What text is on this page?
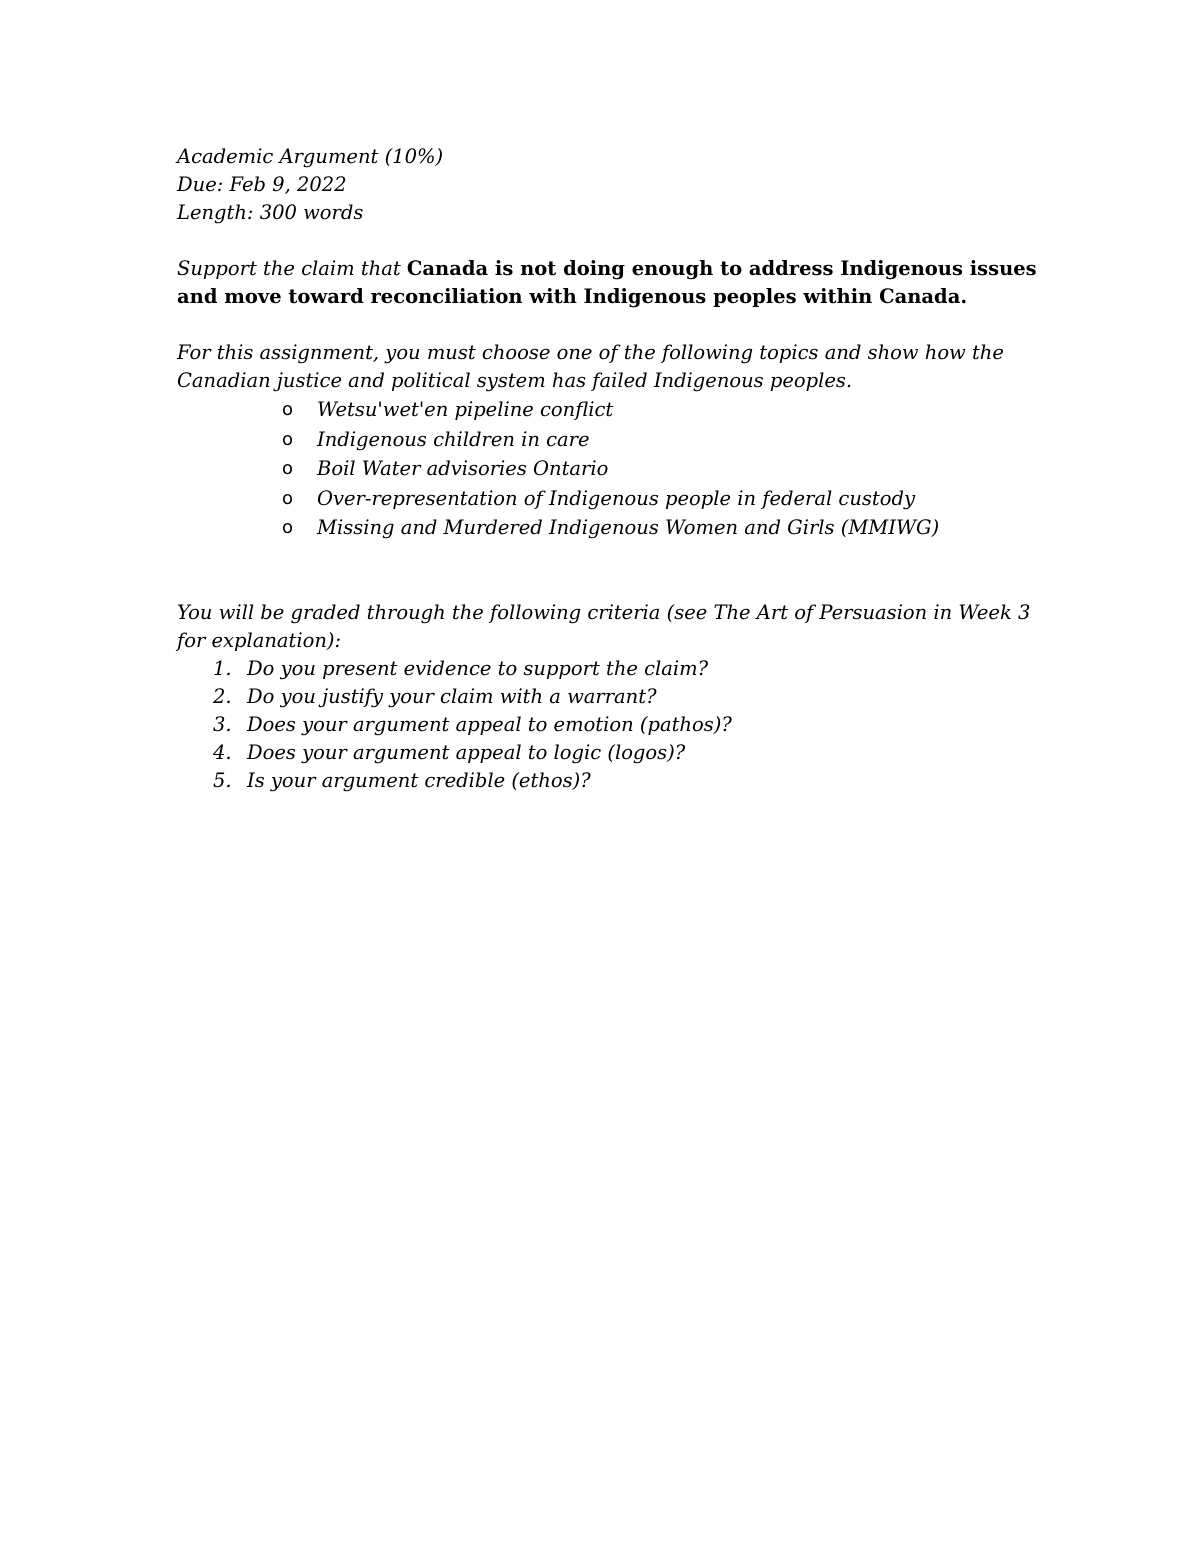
Academic Argument (10%)

Due: Feb 9, 2022

Length: 300 words

Support the claim that Canada is not doing enough to address Indigenous issues

and move toward reconciliation with Indigenous peoples within Canada.

For this assignment, you must choose one of the following topics and show how the

Canadian justice and political system has failed Indigenous peoples.

o Wetsu'wet'en pipeline conflict
o Indigenous children in care
o Boil Water advisories Ontario
o Over-representation of Indigenous people in federal custody
o Missing and Murdered Indigenous Women and Girls (MMIWG)

You will be graded through the following criteria (see The Art of Persuasion in Week 3

for explanation):

1. Do you present evidence to support the claim?
2. Do you justify your claim with a warrant?
3. Does your argument appeal to emotion (pathos)?
4. Does your argument appeal to logic (logos)?
5. Is your argument credible (ethos)?
